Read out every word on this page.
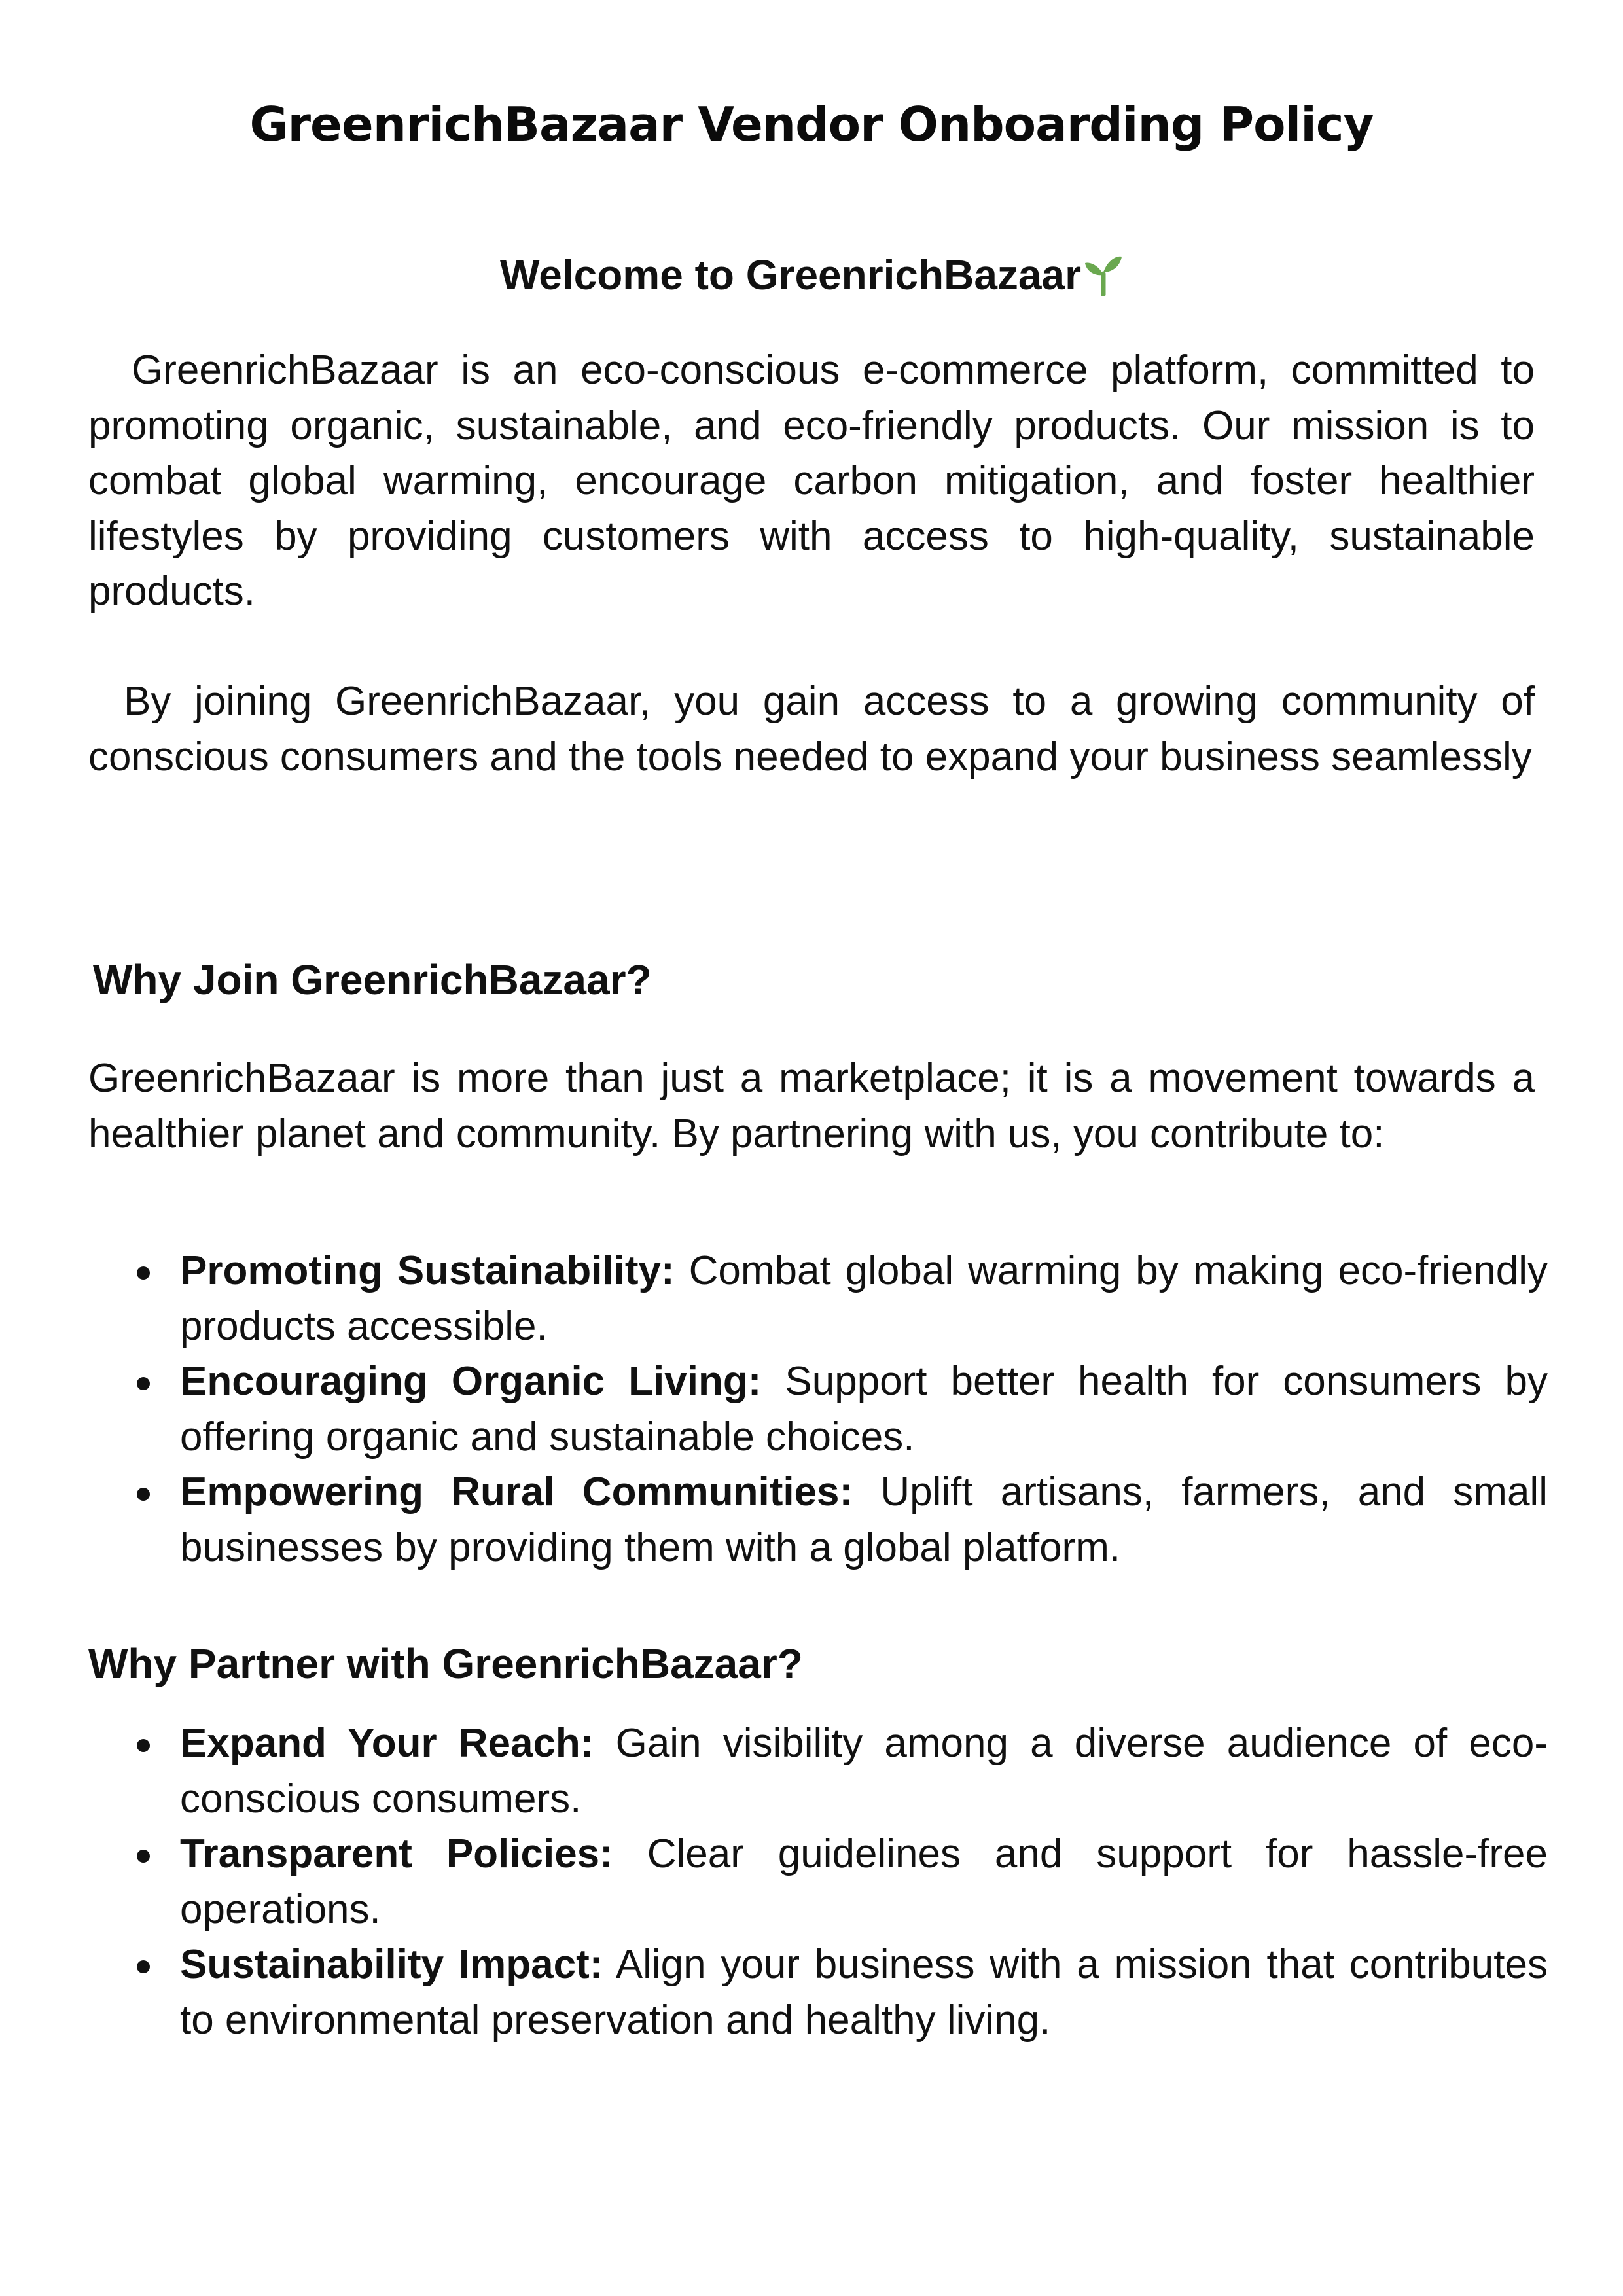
GreenrichBazaar Vendor Onboarding Policy
Welcome to GreenrichBazaar

GreenrichBazaar is an eco-conscious e-commerce platform, committed to promoting organic, sustainable, and eco-friendly products. Our mission is to combat global warming, encourage carbon mitigation, and foster healthier lifestyles by providing customers with access to high-quality, sustainable products.

By joining GreenrichBazaar, you gain access to a growing community of conscious consumers and the tools needed to expand your business seamlessly

Why Join GreenrichBazaar?

GreenrichBazaar is more than just a marketplace; it is a movement towards a healthier planet and community. By partnering with us, you contribute to:

Promoting Sustainability: Combat global warming by making eco-friendly products accessible.
Encouraging Organic Living: Support better health for consumers by offering organic and sustainable choices.
Empowering Rural Communities: Uplift artisans, farmers, and small businesses by providing them with a global platform.
Why Partner with GreenrichBazaar?
Expand Your Reach: Gain visibility among a diverse audience of eco-conscious consumers.
Transparent Policies: Clear guidelines and support for hassle-free operations.
Sustainability Impact: Align your business with a mission that contributes to environmental preservation and healthy living.
